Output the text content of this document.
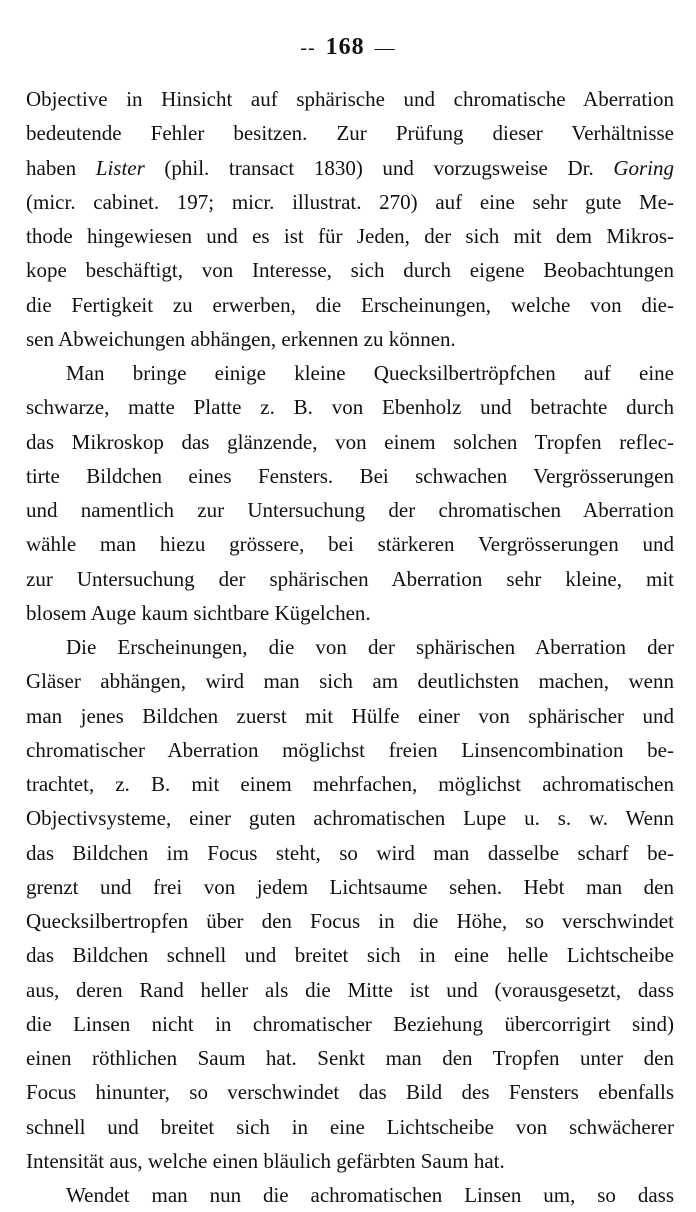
-- 168 —
Objective in Hinsicht auf sphärische und chromatische Aberration
bedeutende Fehler besitzen. Zur Prüfung dieser Verhältnisse
haben Lister (phil. transact 1830) und vorzugsweise Dr. Goring
(micr. cabinet. 197; micr. illustrat. 270) auf eine sehr gute Me-
thode hingewiesen und es ist für Jeden, der sich mit dem Mikros-
kope beschäftigt, von Interesse, sich durch eigene Beobachtungen
die Fertigkeit zu erwerben, die Erscheinungen, welche von die-
sen Abweichungen abhängen, erkennen zu können.
Man bringe einige kleine Quecksilbertröpfchen auf eine
schwarze, matte Platte z. B. von Ebenholz und betrachte durch
das Mikroskop das glänzende, von einem solchen Tropfen reflec-
tirte Bildchen eines Fensters. Bei schwachen Vergrösserungen
und namentlich zur Untersuchung der chromatischen Aberration
wähle man hiezu grössere, bei stärkeren Vergrösserungen und
zur Untersuchung der sphärischen Aberration sehr kleine, mit
blosem Auge kaum sichtbare Kügelchen.
Die Erscheinungen, die von der sphärischen Aberration der
Gläser abhängen, wird man sich am deutlichsten machen, wenn
man jenes Bildchen zuerst mit Hülfe einer von sphärischer und
chromatischer Aberration möglichst freien Linsencombination be-
trachtet, z. B. mit einem mehrfachen, möglichst achromatischen
Objectivsysteme, einer guten achromatischen Lupe u. s. w. Wenn
das Bildchen im Focus steht, so wird man dasselbe scharf be-
grenzt und frei von jedem Lichtsaume sehen. Hebt man den
Quecksilbertropfen über den Focus in die Höhe, so verschwindet
das Bildchen schnell und breitet sich in eine helle Lichtscheibe
aus, deren Rand heller als die Mitte ist und (vorausgesetzt, dass
die Linsen nicht in chromatischer Beziehung übercorrigirt sind)
einen röthlichen Saum hat. Senkt man den Tropfen unter den
Focus hinunter, so verschwindet das Bild des Fensters ebenfalls
schnell und breitet sich in eine Lichtscheibe von schwächerer
Intensität aus, welche einen bläulich gefärbten Saum hat.
Wendet man nun die achromatischen Linsen um, so dass
